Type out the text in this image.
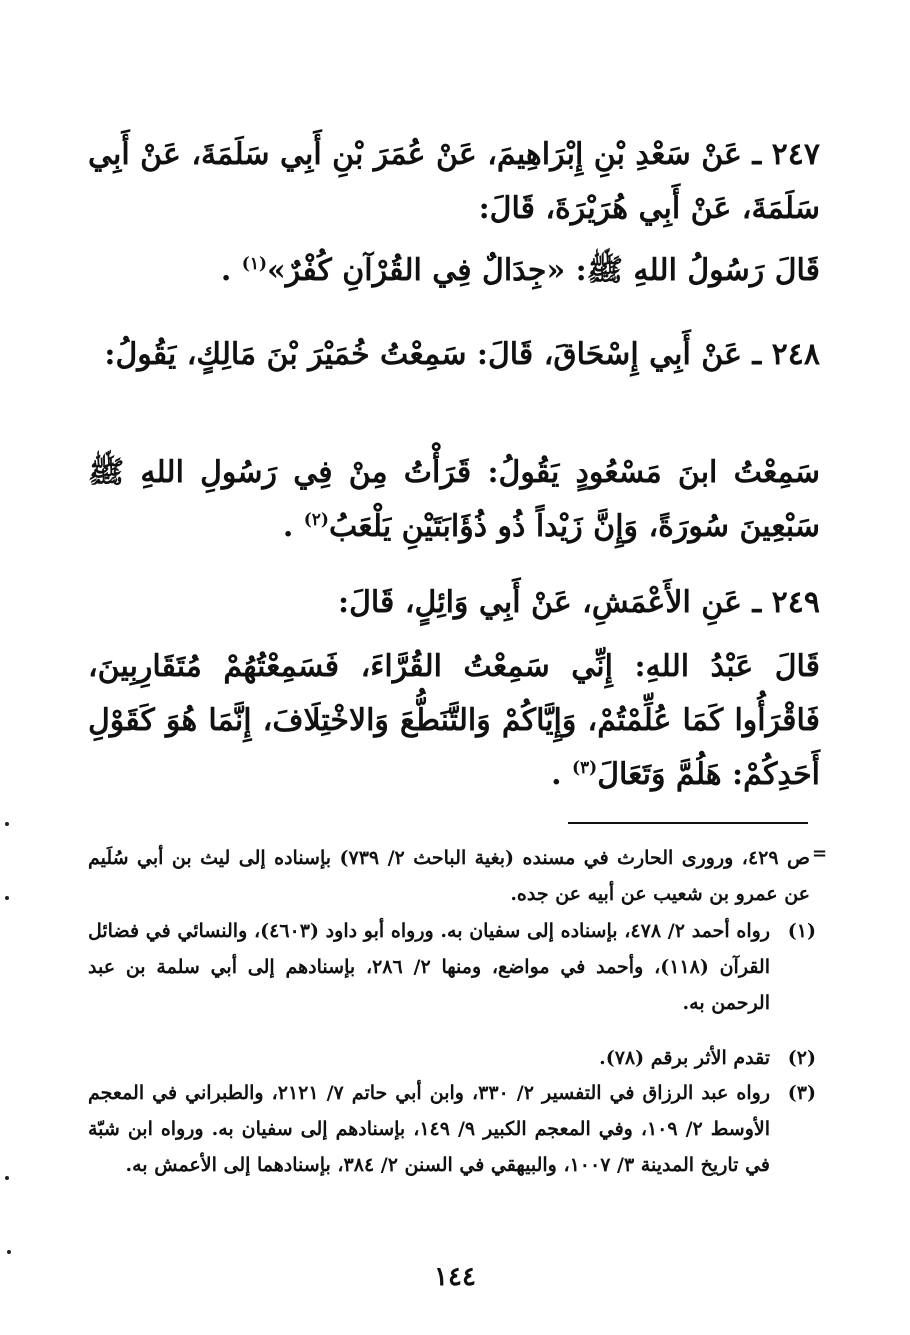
٢٤٧ ـ عَنْ سَعْدِ بْنِ إِبْرَاهِيمَ، عَنْ عُمَرَ بْنِ أَبِي سَلَمَةَ، عَنْ أَبِي سَلَمَةَ، عَنْ أَبِي هُرَيْرَةَ، قَالَ:
قَالَ رَسُولُ اللهِ ﷺ: «جِدَالٌ فِي القُرْآنِ كُفْرٌ»$^{(١)}$ .
٢٤٨ ـ عَنْ أَبِي إِسْحَاقَ، قَالَ: سَمِعْتُ خُمَيْرَ بْنَ مَالِكٍ، يَقُولُ:
سَمِعْتُ ابنَ مَسْعُودٍ يَقُولُ: قَرَأْتُ مِنْ فِي رَسُولِ اللهِ ﷺ سَبْعِينَ سُورَةً، وَإِنَّ زَيْداً ذُو ذُؤَابَتَيْنِ يَلْعَبُ$^{(٢)}$ .
٢٤٩ ـ عَنِ الأَعْمَشِ، عَنْ أَبِي وَائِلٍ، قَالَ:
قَالَ عَبْدُ اللهِ: إِنِّي سَمِعْتُ القُرَّاءَ، فَسَمِعْتُهُمْ مُتَقَارِبِينَ، فَاقْرَأُوا كَمَا عُلِّمْتُمْ، وَإِيَّاكُمْ وَالتَّنَطُّعَ وَالاخْتِلَافَ، إِنَّمَا هُوَ كَقَوْلِ أَحَدِكُمْ: هَلُمَّ وَتَعَالَ$^{(٣)}$ .
=
ص ٤٢٩، ورورى الحارث في مسنده (بغية الباحث ٢/ ٧٣٩) بإسناده إلى ليث بن أبي سُلَيم عن عمرو بن شعيب عن أبيه عن جده.
(١)
رواه أحمد ٢/ ٤٧٨، بإسناده إلى سفيان به. ورواه أبو داود (٤٦٠٣)، والنسائي في فضائل القرآن (١١٨)، وأحمد في مواضع، ومنها ٢/ ٢٨٦، بإسنادهم إلى أبي سلمة بن عبد الرحمن به.
(٢)
تقدم الأثر برقم (٧٨).
(٣)
رواه عبد الرزاق في التفسير ٢/ ٣٣٠، وابن أبي حاتم ٧/ ٢١٢١، والطبراني في المعجم الأوسط ٢/ ١٠٩، وفي المعجم الكبير ٩/ ١٤٩، بإسنادهم إلى سفيان به. ورواه ابن شبّة في تاريخ المدينة ٣/ ١٠٠٧، والبيهقي في السنن ٢/ ٣٨٤، بإسنادهما إلى الأعمش به.
١٤٤
